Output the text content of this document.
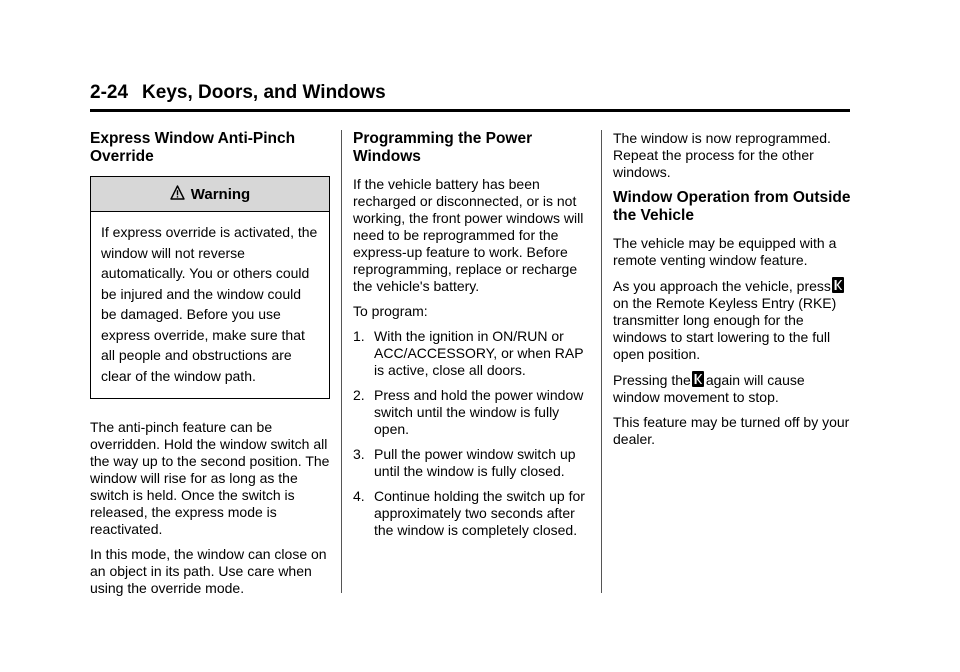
2-24 Keys, Doors, and Windows
Express Window Anti-Pinch Override
Warning
If express override is activated, the window will not reverse automatically. You or others could be injured and the window could be damaged. Before you use express override, make sure that all people and obstructions are clear of the window path.

The anti-pinch feature can be overridden. Hold the window switch all the way up to the second position. The window will rise for as long as the switch is held. Once the switch is released, the express mode is reactivated.

In this mode, the window can close on an object in its path. Use care when using the override mode.

Programming the Power Windows

If the vehicle battery has been recharged or disconnected, or is not working, the front power windows will need to be reprogrammed for the express-up feature to work. Before reprogramming, replace or recharge the vehicle's battery.

To program:

1. With the ignition in ON/RUN or ACC/ACCESSORY, or when RAP is active, close all doors.
2. Press and hold the power window switch until the window is fully open.
3. Pull the power window switch up until the window is fully closed.
4. Continue holding the switch up for approximately two seconds after the window is completely closed.

The window is now reprogrammed. Repeat the process for the other windows.

Window Operation from Outside the Vehicle

The vehicle may be equipped with a remote venting window feature.

As you approach the vehicle, presson the Remote Keyless Entry (RKE) transmitter long enough for the windows to start lowering to the full open position.

Pressing the again will cause window movement to stop.

This feature may be turned off by your dealer.
